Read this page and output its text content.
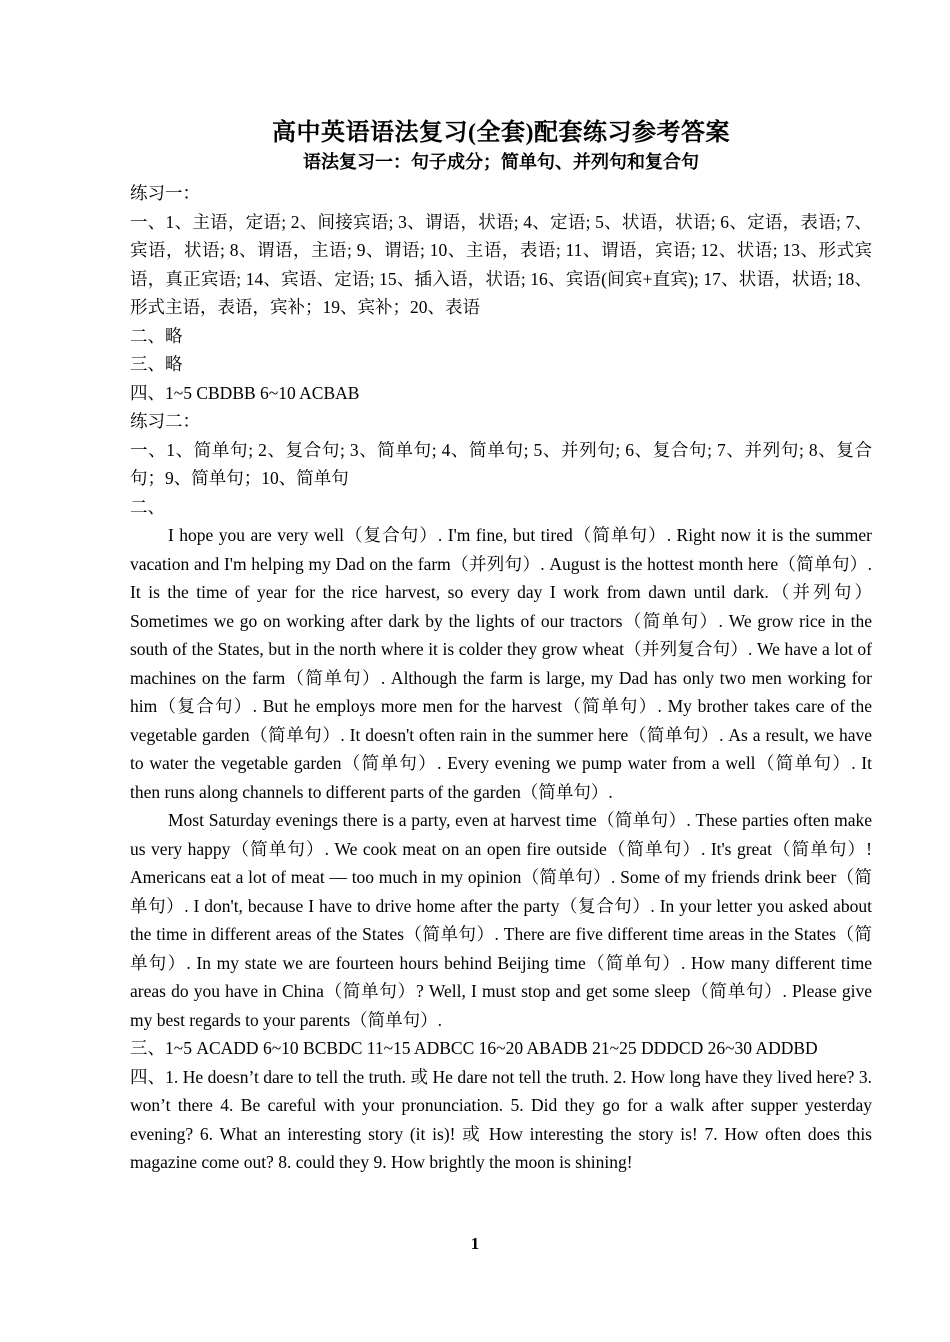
高中英语语法复习(全套)配套练习参考答案
语法复习一：句子成分；简单句、并列句和复合句

练习一：

一、1、主语，定语; 2、间接宾语; 3、谓语，状语; 4、定语; 5、状语，状语; 6、定语，表语; 7、宾语，状语; 8、谓语，主语; 9、谓语; 10、主语，表语; 11、谓语，宾语; 12、状语; 13、形式宾语，真正宾语; 14、宾语、定语; 15、插入语，状语; 16、宾语(间宾+直宾); 17、状语，状语; 18、形式主语，表语，宾补；19、宾补；20、表语

二、略

三、略

四、1~5 CBDBB 6~10 ACBAB

练习二：

一、1、简单句; 2、复合句; 3、简单句; 4、简单句; 5、并列句; 6、复合句; 7、并列句; 8、复合句；9、简单句；10、简单句

二、

I hope you are very well（复合句）. I'm fine, but tired（简单句）. Right now it is the summer vacation and I'm helping my Dad on the farm（并列句）. August is the hottest month here（简单句）. It is the time of year for the rice harvest, so every day I work from dawn until dark.（并列句）Sometimes we go on working after dark by the lights of our tractors（简单句）. We grow rice in the south of the States, but in the north where it is colder they grow wheat（并列复合句）. We have a lot of machines on the farm（简单句）. Although the farm is large, my Dad has only two men working for him（复合句）. But he employs more men for the harvest（简单句）. My brother takes care of the vegetable garden（简单句）. It doesn't often rain in the summer here（简单句）. As a result, we have to water the vegetable garden（简单句）. Every evening we pump water from a well（简单句）. It then runs along channels to different parts of the garden（简单句）.

Most Saturday evenings there is a party, even at harvest time（简单句）. These parties often make us very happy（简单句）. We cook meat on an open fire outside（简单句）. It's great（简单句）! Americans eat a lot of meat — too much in my opinion（简单句）. Some of my friends drink beer（简单句）. I don't, because I have to drive home after the party（复合句）. In your letter you asked about the time in different areas of the States（简单句）. There are five different time areas in the States（简单句）. In my state we are fourteen hours behind Beijing time（简单句）. How many different time areas do you have in China（简单句）? Well, I must stop and get some sleep（简单句）. Please give my best regards to your parents（简单句）.

三、1~5 ACADD 6~10 BCBDC 11~15 ADBCC 16~20 ABADB 21~25 DDDCD 26~30 ADDBD

四、1. He doesn’t dare to tell the truth. 或 He dare not tell the truth. 2. How long have they lived here? 3. won’t there 4. Be careful with your pronunciation. 5. Did they go for a walk after supper yesterday evening? 6. What an interesting story (it is)! 或 How interesting the story is! 7. How often does this magazine come out? 8. could they 9. How brightly the moon is shining!

1
